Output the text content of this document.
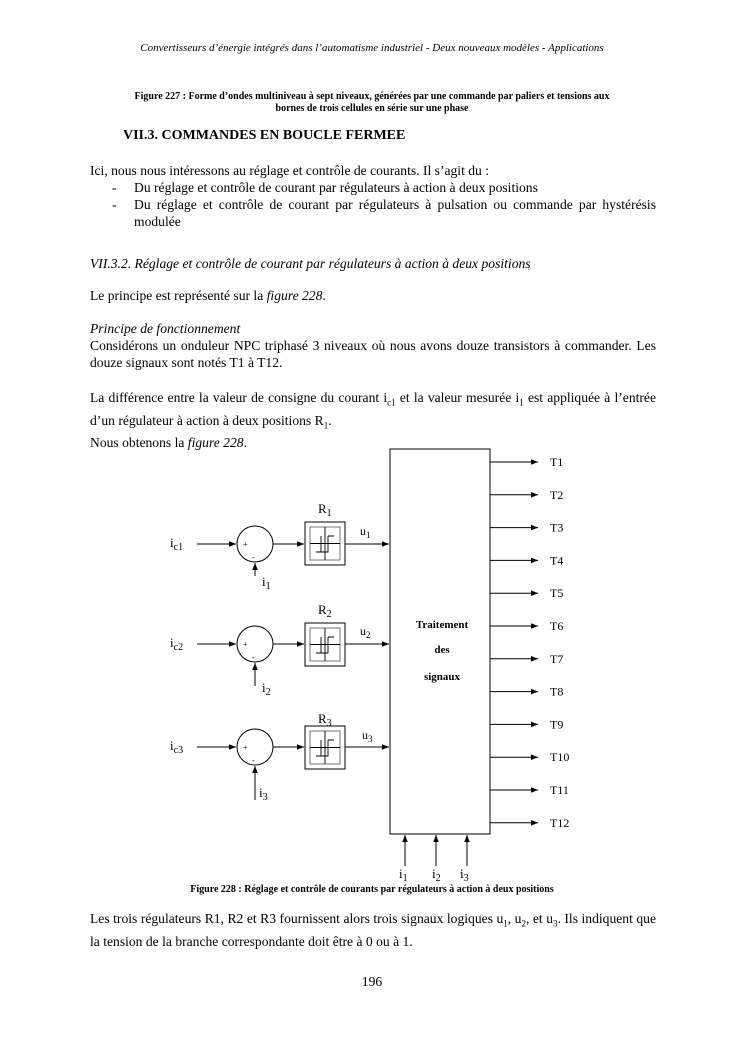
Convertisseurs d’énergie intégrés dans l’automatisme industriel - Deux nouveaux modèles - Applications
Figure 227 : Forme d’ondes multiniveau à sept niveaux, générées par une commande par paliers et tensions aux
bornes de trois cellules en série sur une phase
VII.3. COMMANDES EN BOUCLE FERMEE
Ici, nous nous intéressons au réglage et contrôle de courants. Il s’agit du :
- Du réglage et contrôle de courant par régulateurs à action à deux positions
- Du réglage et contrôle de courant par régulateurs à pulsation ou commande par hystérésis modulée
VII.3.2. Réglage et contrôle de courant par régulateurs à action à deux positions
Le principe est représenté sur la figure 228.
Principe de fonctionnement
Considérons un onduleur NPC triphasé 3 niveaux où nous avons douze transistors à commander. Les douze signaux sont notés T1 à T12.
La différence entre la valeur de consigne du courant $i_{c1}$ et la valeur mesurée $i_1$ est appliquée à l’entrée d’un régulateur à action à deux positions $R_1$.
Nous obtenons la figure 228.
Traitement
des
signaux
T1
T2
T3
T4
T5
T6
T7
T8
T9
T10
T11
T12
$i_{c1}$	+
-
$i_1$
$R_1$
$u_1$
$i_{c2}$	+
-
$i_2$
$R_2$
$u_2$
$i_{c3}$	+
-
$i_3$
$R_3$
$u_3$
$i_1$ $i_2$ $i_3$
Figure 228 : Réglage et contrôle de courants par régulateurs à action à deux positions
Les trois régulateurs R1, R2 et R3 fournissent alors trois signaux logiques $u_1$, $u_2$, et $u_3$. Ils indiquent que la tension de la branche correspondante doit être à 0 ou à 1.
196
